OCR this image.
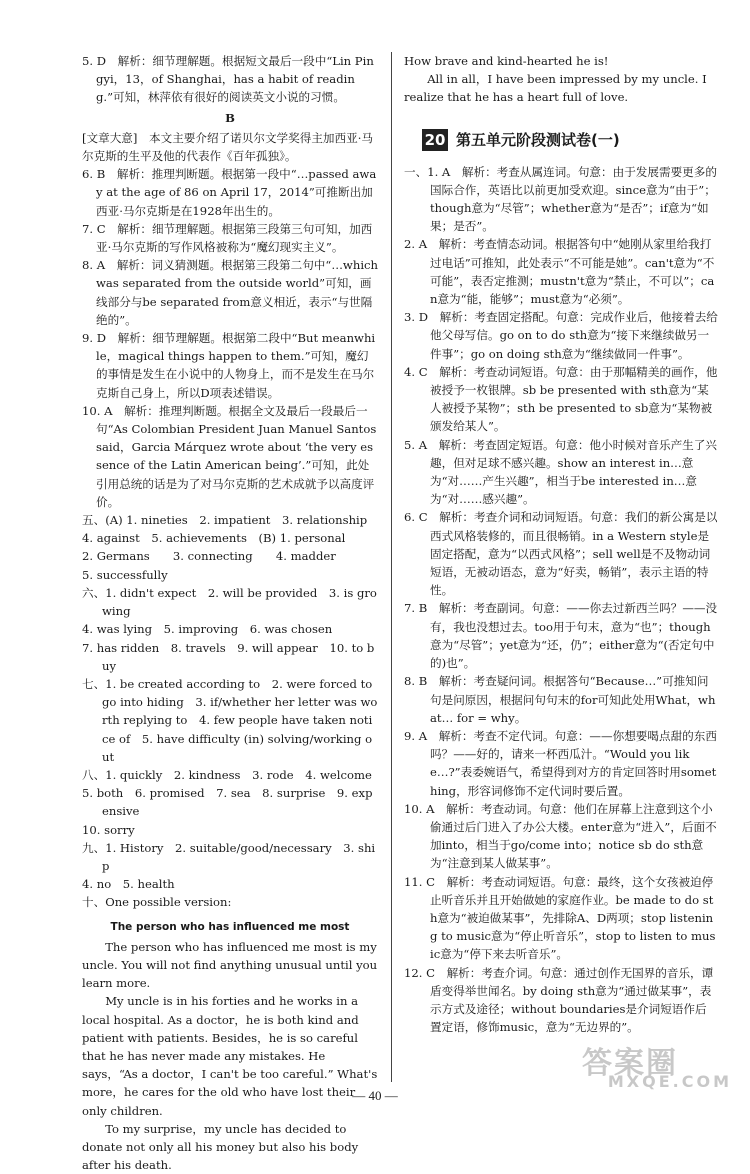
5. D　解析：细节理解题。根据短文最后一段中“Lin Pingyi，13，of Shanghai，has a habit of reading.”可知，林萍依有很好的阅读英文小说的习惯。

B

[文章大意]　本文主要介绍了诺贝尔文学奖得主加西亚·马尔克斯的生平及他的代表作《百年孤独》。

6. B　解析：推理判断题。根据第一段中“…passed away at the age of 86 on April 17，2014”可推断出加西亚·马尔克斯是在1928年出生的。

7. C　解析：细节理解题。根据第三段第三句可知，加西亚·马尔克斯的写作风格被称为“魔幻现实主义”。

8. A　解析：词义猜测题。根据第三段第二句中“…which was separated from the outside world”可知，画线部分与be separated from意义相近，表示“与世隔绝的”。

9. D　解析：细节理解题。根据第二段中“But meanwhile，magical things happen to them.”可知，魔幻的事情是发生在小说中的人物身上，而不是发生在马尔克斯自己身上，所以D项表述错误。

10. A　解析：推理判断题。根据全文及最后一段最后一句“As Colombian President Juan Manuel Santos said，Garcia Márquez wrote about ‘the very essence of the Latin American being’.”可知，此处引用总统的话是为了对马尔克斯的艺术成就予以高度评价。

五、(A) 1. nineties　2. impatient　3. relationship

4. against　5. achievements　(B) 1. personal

2. Germans　　3. connecting　　4. madder

5. successfully

六、1. didn't expect　2. will be provided　3. is growing

4. was lying　5. improving　6. was chosen

7. has ridden　8. travels　9. will appear　10. to buy

七、1. be created according to　2. were forced to go into hiding　3. if/whether her letter was worth replying to　4. few people have taken notice of　5. have difficulty (in) solving/working out

八、1. quickly　2. kindness　3. rode　4. welcome

5. both　6. promised　7. sea　8. surprise　9. expensive

10. sorry

九、1. History　2. suitable/good/necessary　3. ship

4. no　5. health

十、One possible version:

The person who has influenced me most

The person who has influenced me most is my uncle. You will not find anything unusual until you learn more.

My uncle is in his forties and he works in a local hospital. As a doctor，he is both kind and patient with patients. Besides，he is so careful that he has never made any mistakes. He says，“As a doctor，I can't be too careful.” What's more，he cares for the old who have lost their only children.

To my surprise，my uncle has decided to donate not only all his money but also his body after his death.

How brave and kind-hearted he is!

All in all，I have been impressed by my uncle. I realize that he has a heart full of love.

20 第五单元阶段测试卷(一)

一、1. A　解析：考查从属连词。句意：由于发展需要更多的国际合作，英语比以前更加受欢迎。since意为“由于”；though意为“尽管”；whether意为“是否”；if意为“如果；是否”。

2. A　解析：考查情态动词。根据答句中“她刚从家里给我打过电话”可推知，此处表示“不可能是她”。can't意为“不可能”，表否定推测；mustn't意为“禁止，不可以”；can意为“能，能够”；must意为“必须”。

3. D　解析：考查固定搭配。句意：完成作业后，他接着去给他父母写信。go on to do sth意为“接下来继续做另一件事”；go on doing sth意为“继续做同一件事”。

4. C　解析：考查动词短语。句意：由于那幅精美的画作，他被授予一枚银牌。sb be presented with sth意为“某人被授予某物”；sth be presented to sb意为“某物被颁发给某人”。

5. A　解析：考查固定短语。句意：他小时候对音乐产生了兴趣，但对足球不感兴趣。show an interest in…意为“对……产生兴趣”，相当于be interested in…意为“对……感兴趣”。

6. C　解析：考查介词和动词短语。句意：我们的新公寓是以西式风格装修的，而且很畅销。in a Western style是固定搭配，意为“以西式风格”；sell well是不及物动词短语，无被动语态，意为“好卖，畅销”，表示主语的特性。

7. B　解析：考查副词。句意：——你去过新西兰吗？——没有，我也没想过去。too用于句末，意为“也”；though意为“尽管”；yet意为“还，仍”；either意为“(否定句中的)也”。

8. B　解析：考查疑问词。根据答句“Because…”可推知问句是问原因，根据问句句末的for可知此处用What，what… for = why。

9. A　解析：考查不定代词。句意：——你想要喝点甜的东西吗？——好的，请来一杯西瓜汁。“Would you like…?”表委婉语气，希望得到对方的肯定回答时用something，形容词修饰不定代词时要后置。

10. A　解析：考查动词。句意：他们在屏幕上注意到这个小偷通过后门进入了办公大楼。enter意为“进入”，后面不加into，相当于go/come into；notice sb do sth意为“注意到某人做某事”。

11. C　解析：考查动词短语。句意：最终，这个女孩被迫停止听音乐并且开始做她的家庭作业。be made to do sth意为“被迫做某事”，先排除A、D两项；stop listening to music意为“停止听音乐”，stop to listen to music意为“停下来去听音乐”。

12. C　解析：考查介词。句意：通过创作无国界的音乐，谭盾变得举世闻名。by doing sth意为“通过做某事”，表示方式及途径；without boundaries是介词短语作后置定语，修饰music，意为“无边界的”。

— 40 —
答案圈
MXQE.COM
